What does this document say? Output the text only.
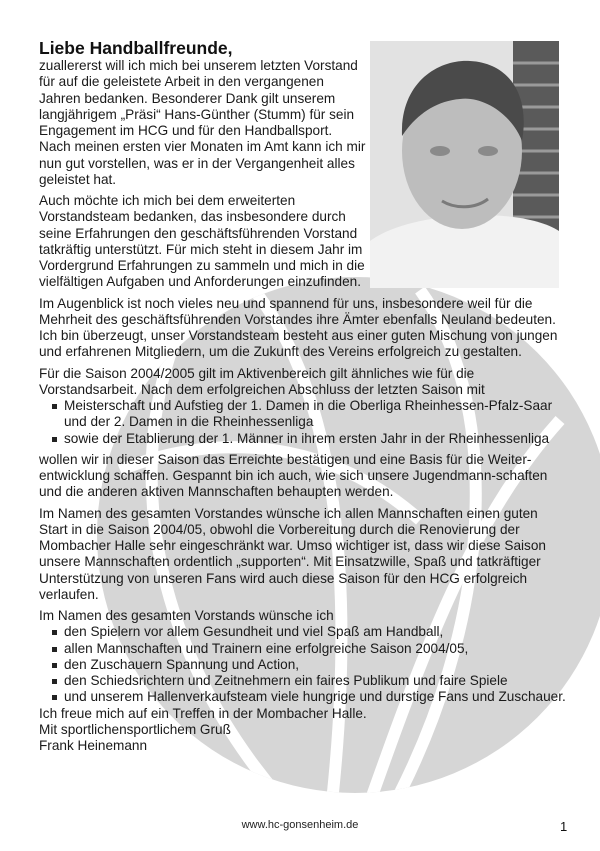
Liebe Handballfreunde,

zuallererst will ich mich bei unserem letzten Vorstand für auf die geleistete Arbeit in den vergangenen Jahren bedanken. Besonderer Dank gilt unserem langjährigem „Präsi“ Hans-Günther (Stumm) für sein Engagement im HCG und für den Handballsport. Nach meinen ersten vier Monaten im Amt kann ich mir nun gut vorstellen, was er in der Vergangenheit alles geleistet hat.

Auch möchte ich mich bei dem erweiterten Vorstandsteam bedanken, das insbesondere durch seine Erfahrungen den geschäftsführenden Vorstand tatkräftig unterstützt. Für mich steht in diesem Jahr im Vordergrund Erfahrungen zu sammeln und mich in die vielfältigen Aufgaben und Anforderungen einzufinden.

Im Augenblick ist noch vieles neu und spannend für uns, insbesondere weil für die Mehrheit des geschäftsführenden Vorstandes ihre Ämter ebenfalls Neuland bedeuten. Ich bin überzeugt, unser Vorstandsteam besteht aus einer guten Mischung von jungen und erfahrenen Mitgliedern, um die Zukunft des Vereins erfolgreich zu gestalten.

Für die Saison 2004/2005 gilt im Aktivenbereich gilt ähnliches wie für die Vorstandsarbeit. Nach dem erfolgreichen Abschluss der letzten Saison mit

Meisterschaft und Aufstieg der 1. Damen in die Oberliga Rheinhessen-Pfalz-Saar und der 2. Damen in die Rheinhessenliga
sowie der Etablierung der 1. Männer in ihrem ersten Jahr in der Rheinhessenliga

wollen wir in dieser Saison das Erreichte bestätigen und eine Basis für die Weiter-entwicklung schaffen. Gespannt bin ich auch, wie sich unsere Jugendmann-schaften und die anderen aktiven Mannschaften behaupten werden.

Im Namen des gesamten Vorstandes wünsche ich allen Mannschaften einen guten Start in die Saison 2004/05, obwohl die Vorbereitung durch die Renovierung der Mombacher Halle sehr eingeschränkt war. Umso wichtiger ist, dass wir diese Saison unsere Mannschaften ordentlich „supporten“. Mit Einsatzwille, Spaß und tatkräftiger Unterstützung von unseren Fans wird auch diese Saison für den HCG erfolgreich verlaufen.

Im Namen des gesamten Vorstands wünsche ich

den Spielern vor allem Gesundheit und viel Spaß am Handball,
allen Mannschaften und Trainern eine erfolgreiche Saison 2004/05,
den Zuschauern Spannung und Action,
den Schiedsrichtern und Zeitnehmern ein faires Publikum und faire Spiele
und unserem Hallenverkaufsteam viele hungrige und durstige Fans und Zuschauer.
Ich freue mich auf ein Treffen in der Mombacher Halle.
Mit sportlichensportlichem Gruß
Frank Heinemann
www.hc-gonsenheim.de	1
